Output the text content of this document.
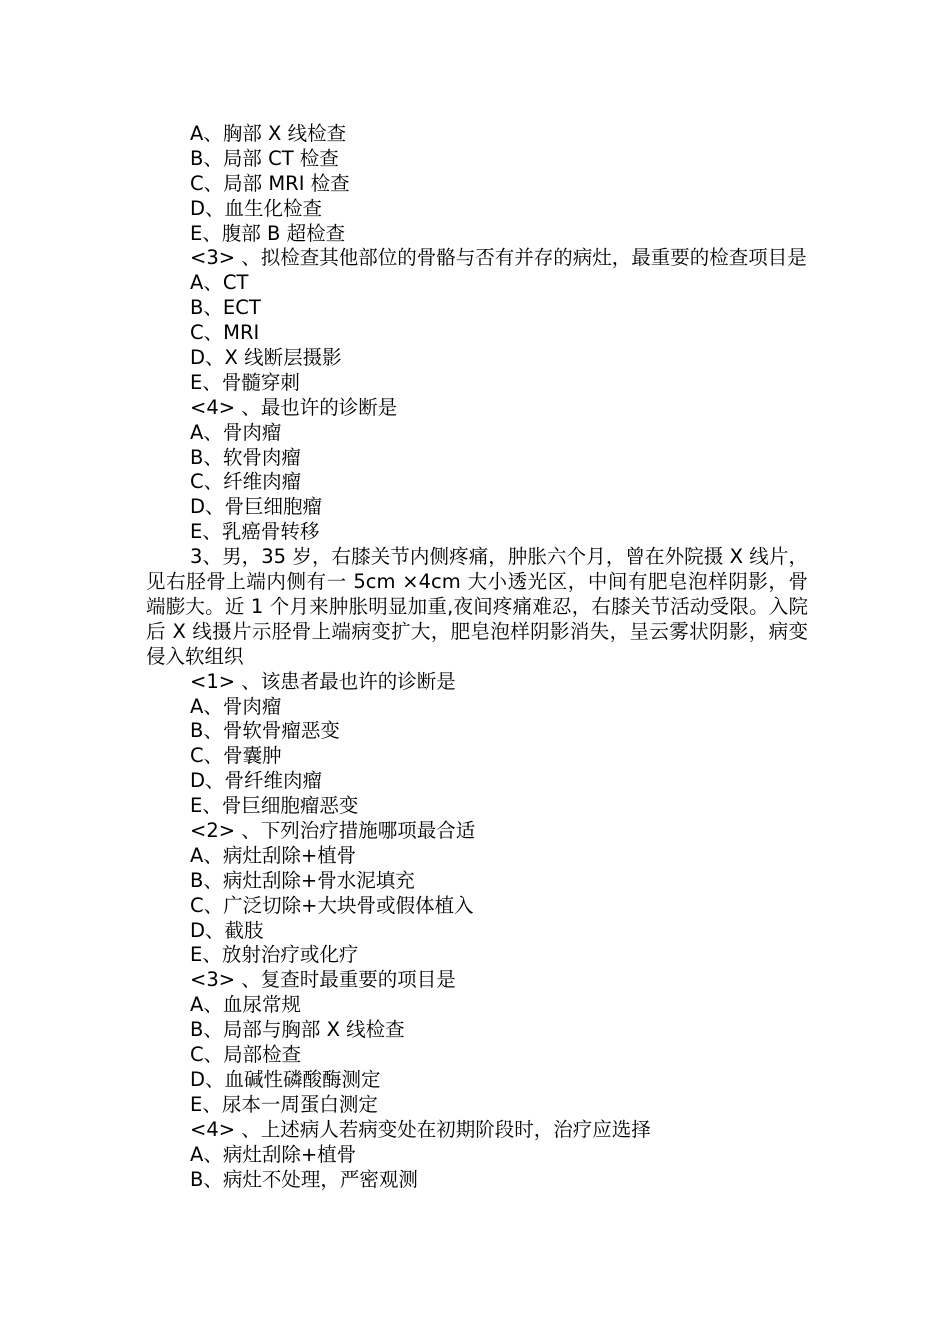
A、胸部 X 线检查
B、局部 CT 检查
C、局部 MRI 检查
D、血生化检查
E、腹部 B 超检查
<3> 、拟检查其他部位的骨骼与否有并存的病灶，最重要的检查项目是
A、CT
B、ECT
C、MRI
D、X 线断层摄影
E、骨髓穿刺
<4> 、最也许的诊断是
A、骨肉瘤
B、软骨肉瘤
C、纤维肉瘤
D、骨巨细胞瘤
E、乳癌骨转移
3、男，35 岁，右膝关节内侧疼痛，肿胀六个月，曾在外院摄 X 线片，见右胫骨上端内侧有一 5cm ×4cm 大小透光区，中间有肥皂泡样阴影，骨端膨大。近 1 个月来肿胀明显加重,夜间疼痛难忍，右膝关节活动受限。入院后 X 线摄片示胫骨上端病变扩大，肥皂泡样阴影消失，呈云雾状阴影，病变侵入软组织
<1> 、该患者最也许的诊断是
A、骨肉瘤
B、骨软骨瘤恶变
C、骨囊肿
D、骨纤维肉瘤
E、骨巨细胞瘤恶变
<2> 、下列治疗措施哪项最合适
A、病灶刮除+植骨
B、病灶刮除+骨水泥填充
C、广泛切除+大块骨或假体植入
D、截肢
E、放射治疗或化疗
<3> 、复查时最重要的项目是
A、血尿常规
B、局部与胸部 X 线检查
C、局部检查
D、血碱性磷酸酶测定
E、尿本一周蛋白测定
<4> 、上述病人若病变处在初期阶段时，治疗应选择
A、病灶刮除+植骨
B、病灶不处理，严密观测
